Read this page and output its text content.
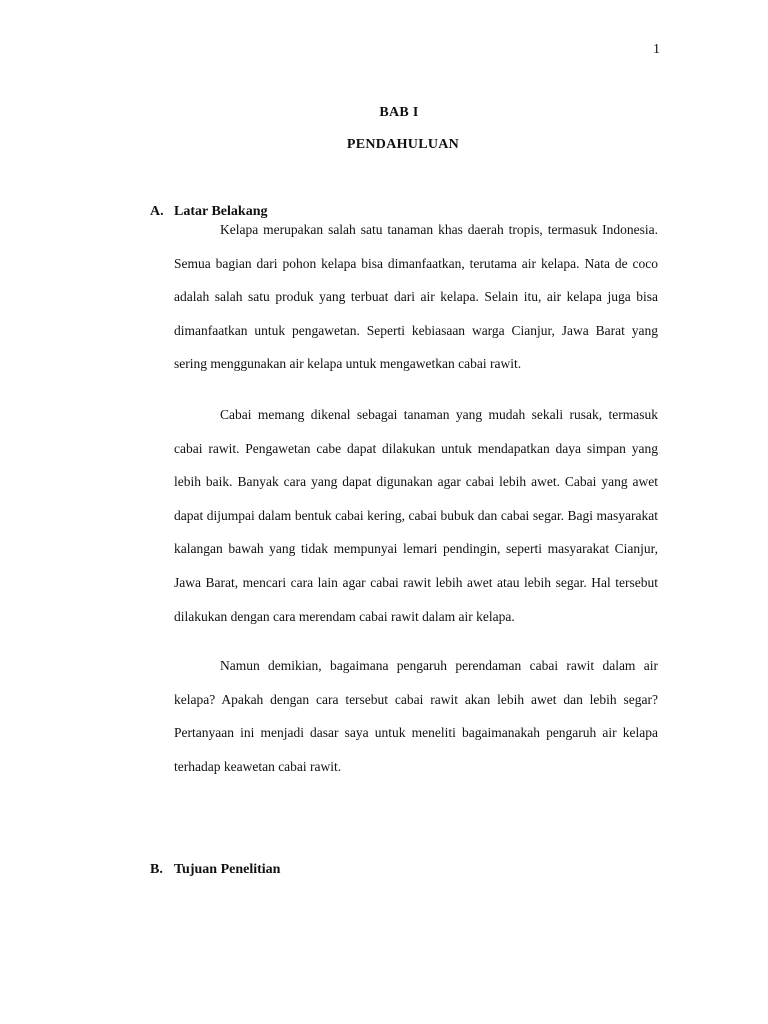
1
BAB I
PENDAHULUAN
A. Latar Belakang

Kelapa merupakan salah satu tanaman khas daerah tropis, termasuk Indonesia. Semua bagian dari pohon kelapa bisa dimanfaatkan, terutama air kelapa. Nata de coco adalah salah satu produk yang terbuat dari air kelapa. Selain itu, air kelapa juga bisa dimanfaatkan untuk pengawetan. Seperti kebiasaan warga Cianjur, Jawa Barat yang sering menggunakan air kelapa untuk mengawetkan cabai rawit.

Cabai memang dikenal sebagai tanaman yang mudah sekali rusak, termasuk cabai rawit. Pengawetan cabe dapat dilakukan untuk mendapatkan daya simpan yang lebih baik. Banyak cara yang dapat digunakan agar cabai lebih awet. Cabai yang awet dapat dijumpai dalam bentuk cabai kering, cabai bubuk dan cabai segar. Bagi masyarakat kalangan bawah yang tidak mempunyai lemari pendingin, seperti masyarakat Cianjur, Jawa Barat, mencari cara lain agar cabai rawit lebih awet atau lebih segar. Hal tersebut dilakukan dengan cara merendam cabai rawit dalam air kelapa.

Namun demikian, bagaimana pengaruh perendaman cabai rawit dalam air kelapa? Apakah dengan cara tersebut cabai rawit akan lebih awet dan lebih segar? Pertanyaan ini menjadi dasar saya untuk meneliti bagaimanakah pengaruh air kelapa terhadap keawetan cabai rawit.

B. Tujuan Penelitian
